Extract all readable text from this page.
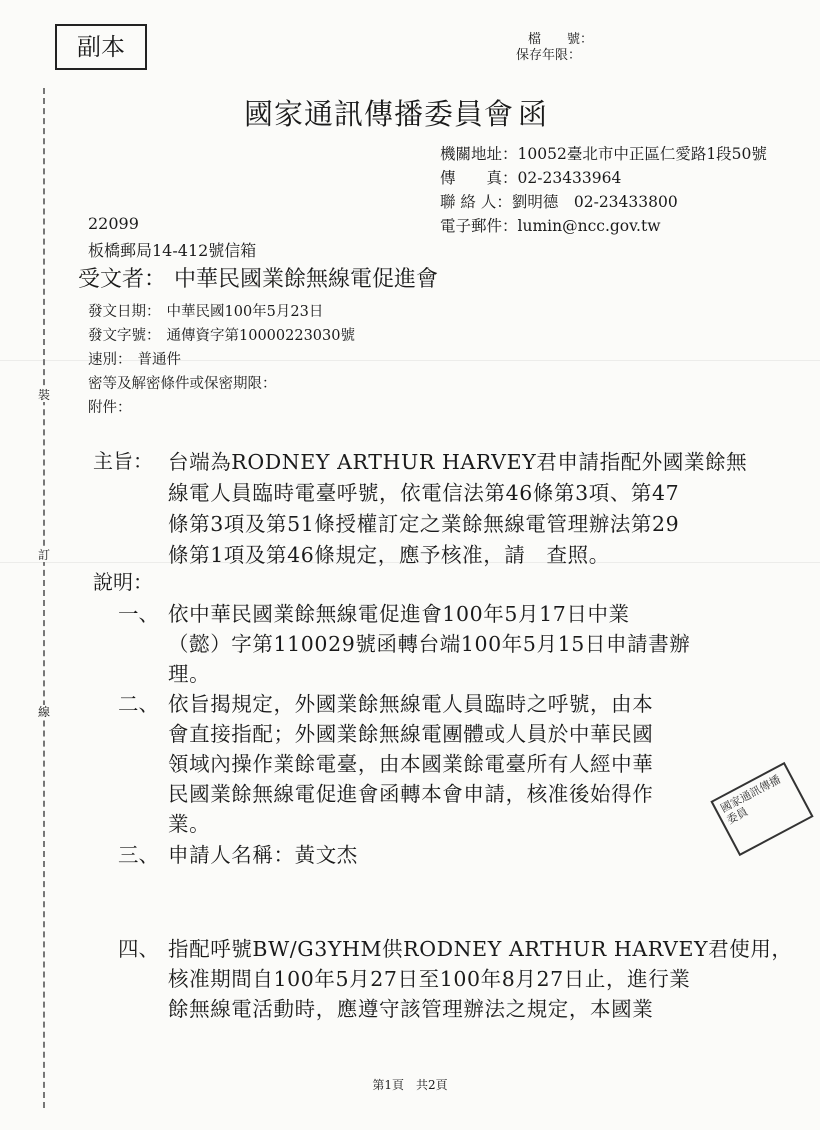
副本	檔　　號：
保存年限：
國家通訊傳播委員會 函
機關地址：10052臺北市中正區仁愛路1段50號
傳　　真：02-23433964
聯 絡 人：劉明德　02-23433800
電子郵件：lumin@ncc.gov.tw
22099
板橋郵局14-412號信箱
受文者： 中華民國業餘無線電促進會
發文日期： 中華民國100年5月23日
發文字號： 通傳資字第10000223030號
速別： 普通件
密等及解密條件或保密期限：
附件：
裝
訂
線
主旨： 台端為RODNEY ARTHUR HARVEY君申請指配外國業餘無
線電人員臨時電臺呼號，依電信法第46條第3項、第47
條第3項及第51條授權訂定之業餘無線電管理辦法第29
條第1項及第46條規定，應予核准，請　查照。
說明：
一、 依中華民國業餘無線電促進會100年5月17日中業
（懿）字第110029號函轉台端100年5月15日申請書辦
理。
二、 依旨揭規定，外國業餘無線電人員臨時之呼號，由本
會直接指配；外國業餘無線電團體或人員於中華民國
領域內操作業餘電臺，由本國業餘電臺所有人經中華
民國業餘無線電促進會函轉本會申請，核准後始得作
業。
三、 申請人名稱：黃文杰
四、 指配呼號BW/G3YHM供RODNEY ARTHUR HARVEY君使用，
核准期間自100年5月27日至100年8月27日止，進行業
餘無線電活動時，應遵守該管理辦法之規定，本國業
國家通訊傳播委員
第1頁　共2頁
